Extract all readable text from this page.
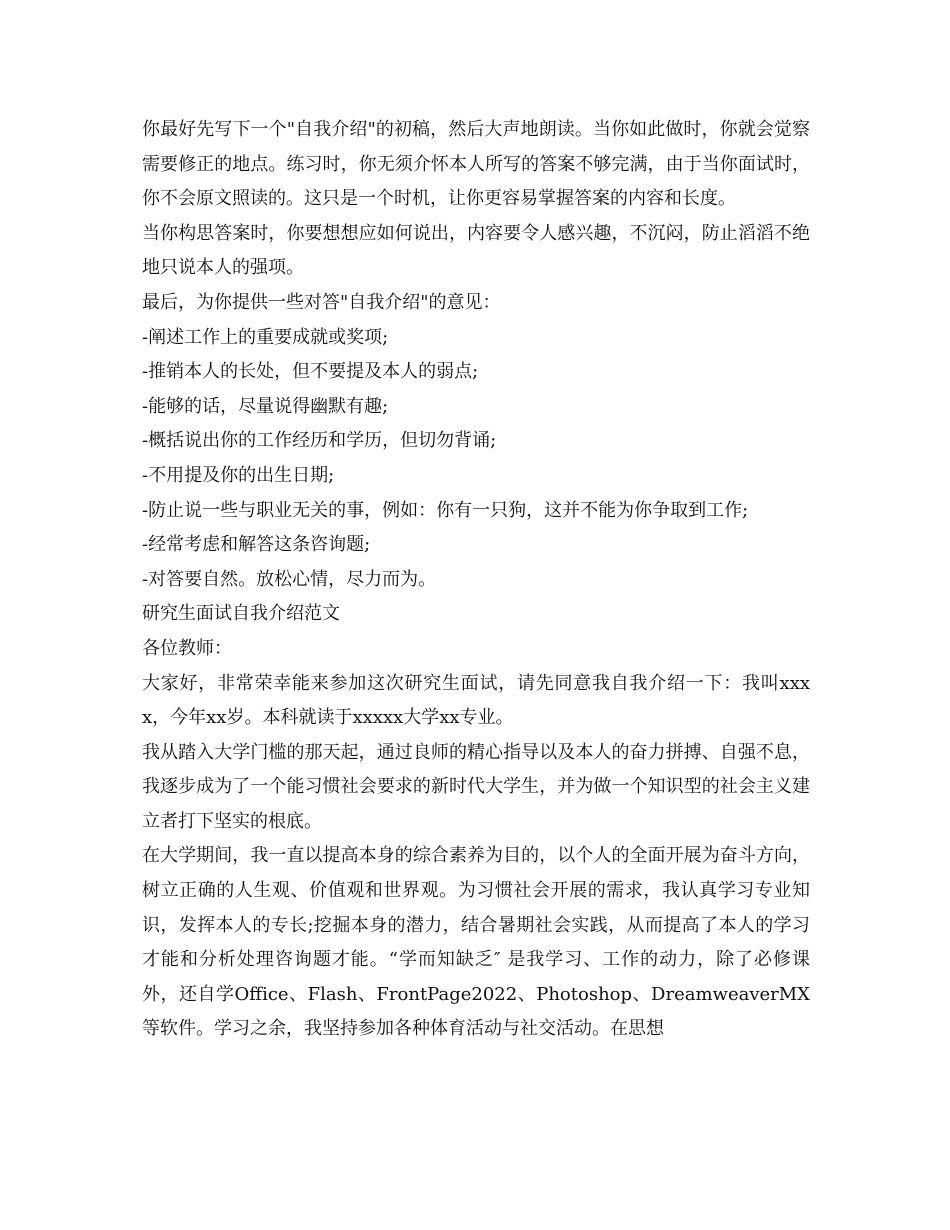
你最好先写下一个"自我介绍"的初稿，然后大声地朗读。当你如此做时，你就会觉察需要修正的地点。练习时，你无须介怀本人所写的答案不够完满，由于当你面试时，你不会原文照读的。这只是一个时机，让你更容易掌握答案的内容和长度。

当你构思答案时，你要想想应如何说出，内容要令人感兴趣，不沉闷，防止滔滔不绝地只说本人的强项。

最后，为你提供一些对答"自我介绍"的意见：

-阐述工作上的重要成就或奖项;

-推销本人的长处，但不要提及本人的弱点;

-能够的话，尽量说得幽默有趣;

-概括说出你的工作经历和学历，但切勿背诵;

-不用提及你的出生日期;

-防止说一些与职业无关的事，例如：你有一只狗，这并不能为你争取到工作;

-经常考虑和解答这条咨询题;

-对答要自然。放松心情，尽力而为。

研究生面试自我介绍范文

各位教师：

大家好，非常荣幸能来参加这次研究生面试，请先同意我自我介绍一下：我叫xxxx，今年xx岁。本科就读于xxxxx大学xx专业。

我从踏入大学门槛的那天起，通过良师的精心指导以及本人的奋力拼搏、自强不息，我逐步成为了一个能习惯社会要求的新时代大学生，并为做一个知识型的社会主义建立者打下坚实的根底。

在大学期间，我一直以提高本身的综合素养为目的，以个人的全面开展为奋斗方向，树立正确的人生观、价值观和世界观。为习惯社会开展的需求，我认真学习专业知识，发挥本人的专长;挖掘本身的潜力，结合暑期社会实践，从而提高了本人的学习才能和分析处理咨询题才能。“学而知缺乏″ 是我学习、工作的动力，除了必修课外，还自学Office、Flash、FrontPage2022、Photoshop、DreamweaverMX等软件。学习之余，我坚持参加各种体育活动与社交活动。在思想
